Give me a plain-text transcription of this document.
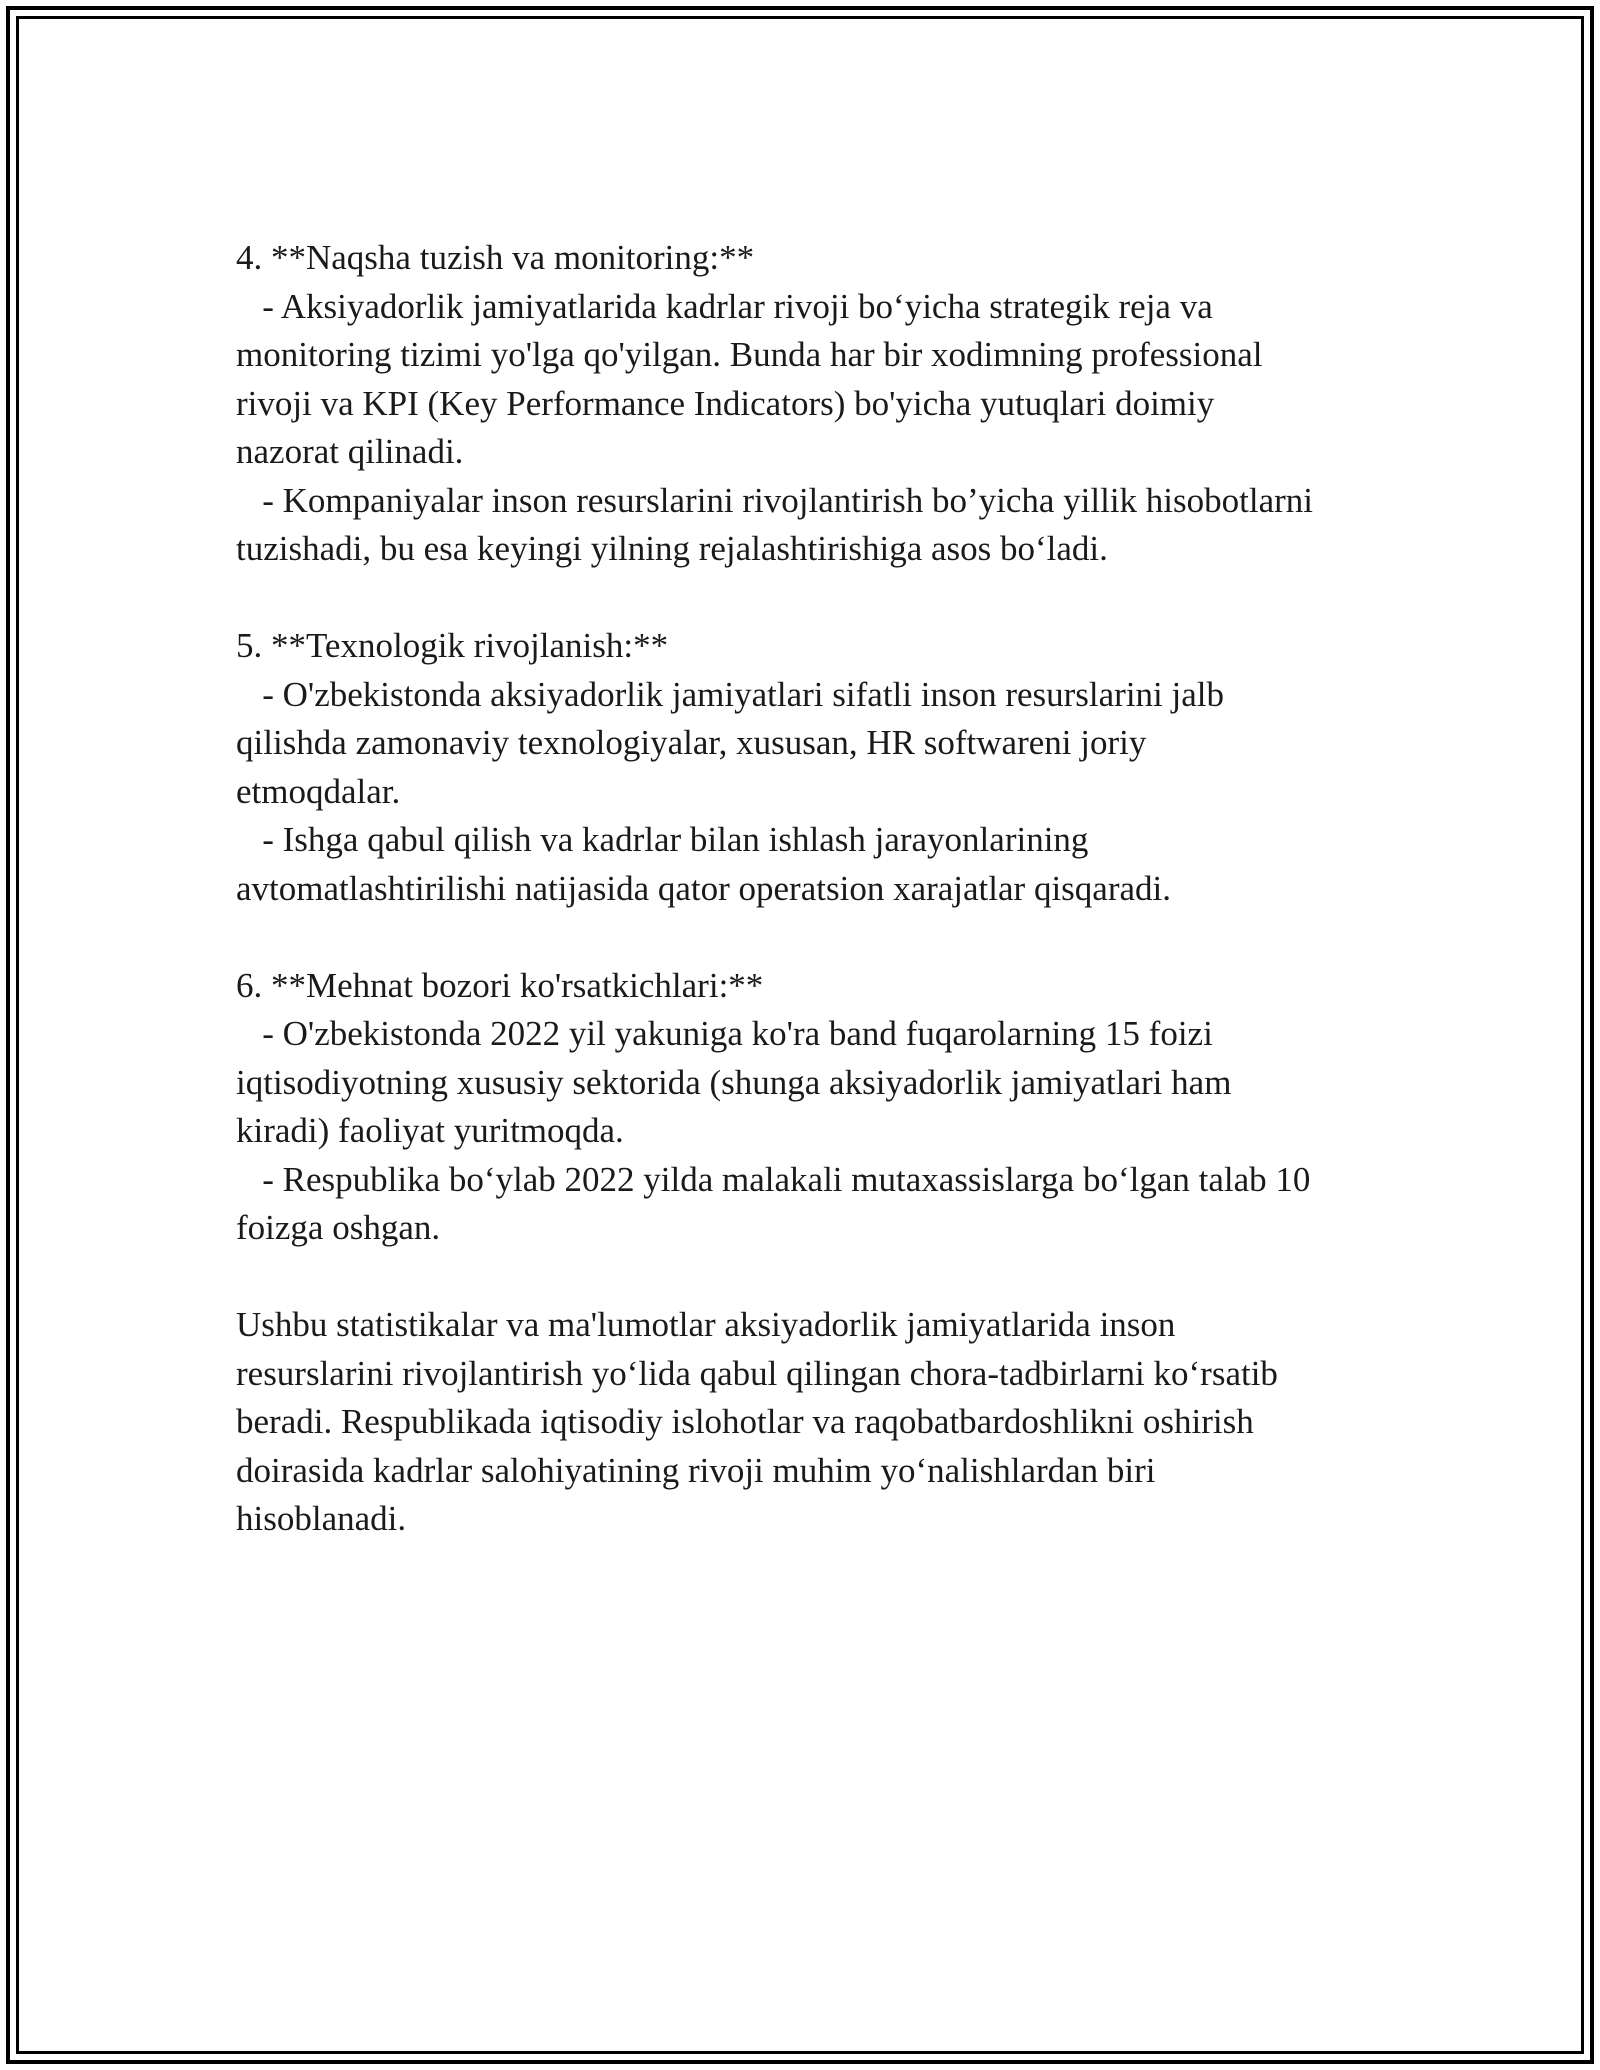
4. **Naqsha tuzish va monitoring:**

- Aksiyadorlik jamiyatlarida kadrlar rivoji bo‘yicha strategik reja va

monitoring tizimi yo'lga qo'yilgan. Bunda har bir xodimning professional

rivoji va KPI (Key Performance Indicators) bo'yicha yutuqlari doimiy

nazorat qilinadi.

- Kompaniyalar inson resurslarini rivojlantirish bo’yicha yillik hisobotlarni

tuzishadi, bu esa keyingi yilning rejalashtirishiga asos bo‘ladi.

5. **Texnologik rivojlanish:**

- O'zbekistonda aksiyadorlik jamiyatlari sifatli inson resurslarini jalb

qilishda zamonaviy texnologiyalar, xususan, HR softwareni joriy

etmoqdalar.

- Ishga qabul qilish va kadrlar bilan ishlash jarayonlarining

avtomatlashtirilishi natijasida qator operatsion xarajatlar qisqaradi.

6. **Mehnat bozori ko'rsatkichlari:**

- O'zbekistonda 2022 yil yakuniga ko'ra band fuqarolarning 15 foizi

iqtisodiyotning xususiy sektorida (shunga aksiyadorlik jamiyatlari ham

kiradi) faoliyat yuritmoqda.

- Respublika bo‘ylab 2022 yilda malakali mutaxassislarga bo‘lgan talab 10

foizga oshgan.

Ushbu statistikalar va ma'lumotlar aksiyadorlik jamiyatlarida inson

resurslarini rivojlantirish yo‘lida qabul qilingan chora-tadbirlarni ko‘rsatib

beradi. Respublikada iqtisodiy islohotlar va raqobatbardoshlikni oshirish

doirasida kadrlar salohiyatining rivoji muhim yo‘nalishlardan biri

hisoblanadi.
